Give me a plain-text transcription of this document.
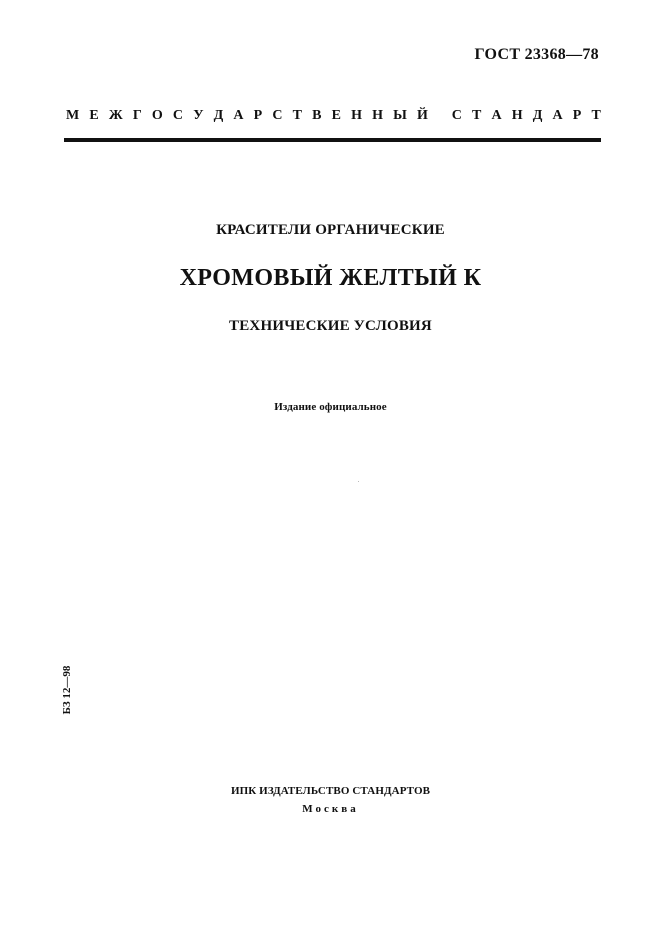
ГОСТ 23368—78
М Е Ж Г О С У Д А Р С Т В Е Н Н Ы Й
С Т А Н Д А Р Т
КРАСИТЕЛИ ОРГАНИЧЕСКИЕ
ХРОМОВЫЙ ЖЕЛТЫЙ К
ТЕХНИЧЕСКИЕ УСЛОВИЯ
Издание официальное
БЗ 12—98
ИПК ИЗДАТЕЛЬСТВО СТАНДАРТОВ
Москва
